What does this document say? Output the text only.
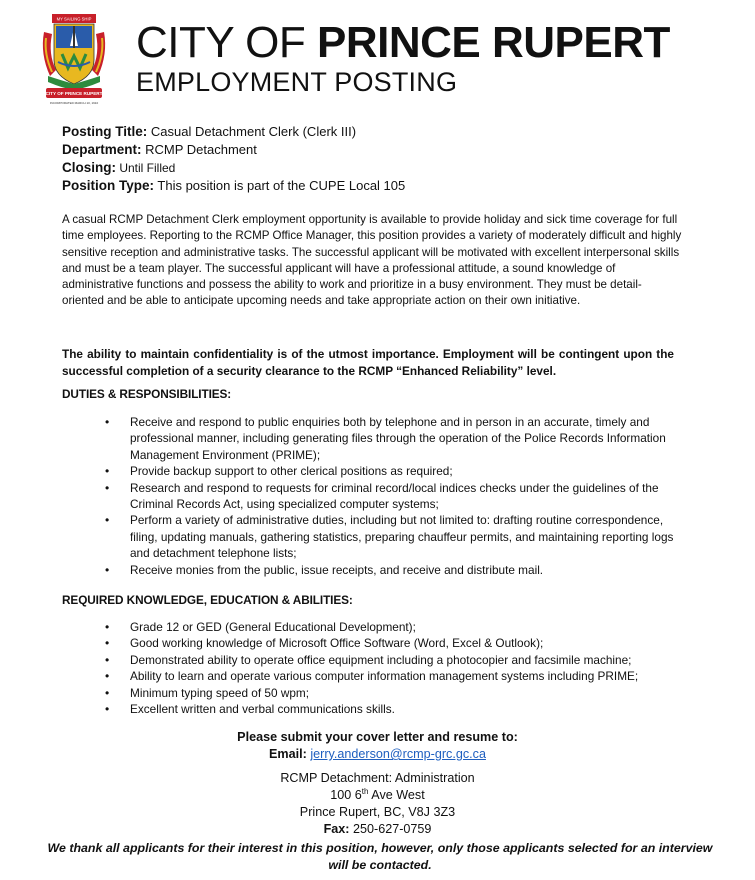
MY SAILING SHIP
CITY OF PRINCE RUPERT
INCORPORATED MARCH 10, 1910
CITY OF PRINCE RUPERT
EMPLOYMENT POSTING
Posting Title: Casual Detachment Clerk (Clerk III)
Department: RCMP Detachment
Closing: Until Filled
Position Type: This position is part of the CUPE Local 105
A casual RCMP Detachment Clerk employment opportunity is available to provide holiday and sick time coverage for full time employees. Reporting to the RCMP Office Manager, this position provides a variety of moderately difficult and highly sensitive reception and administrative tasks. The successful applicant will be motivated with excellent interpersonal skills and must be a team player. The successful applicant will have a professional attitude, a sound knowledge of administrative functions and possess the ability to work and prioritize in a busy environment. They must be detail-oriented and be able to anticipate upcoming needs and take appropriate action on their own initiative.
The ability to maintain confidentiality is of the utmost importance. Employment will be contingent upon the successful completion of a security clearance to the RCMP “Enhanced Reliability” level.
DUTIES & RESPONSIBILITIES:
• Receive and respond to public enquiries both by telephone and in person in an accurate, timely and professional manner, including generating files through the operation of the Police Records Information Management Environment (PRIME);
• Provide backup support to other clerical positions as required;
• Research and respond to requests for criminal record/local indices checks under the guidelines of the Criminal Records Act, using specialized computer systems;
• Perform a variety of administrative duties, including but not limited to: drafting routine correspondence, filing, updating manuals, gathering statistics, preparing chauffeur permits, and maintaining reporting logs and detachment telephone lists;
• Receive monies from the public, issue receipts, and receive and distribute mail.
REQUIRED KNOWLEDGE, EDUCATION & ABILITIES:
• Grade 12 or GED (General Educational Development);
• Good working knowledge of Microsoft Office Software (Word, Excel & Outlook);
• Demonstrated ability to operate office equipment including a photocopier and facsimile machine;
• Ability to learn and operate various computer information management systems including PRIME;
• Minimum typing speed of 50 wpm;
• Excellent written and verbal communications skills.
Please submit your cover letter and resume to:
Email: jerry.anderson@rcmp-grc.gc.ca
RCMP Detachment: Administration
100 6th Ave West
Prince Rupert, BC, V8J 3Z3
Fax: 250-627-0759
We thank all applicants for their interest in this position, however, only those applicants selected for an interview will be contacted.
